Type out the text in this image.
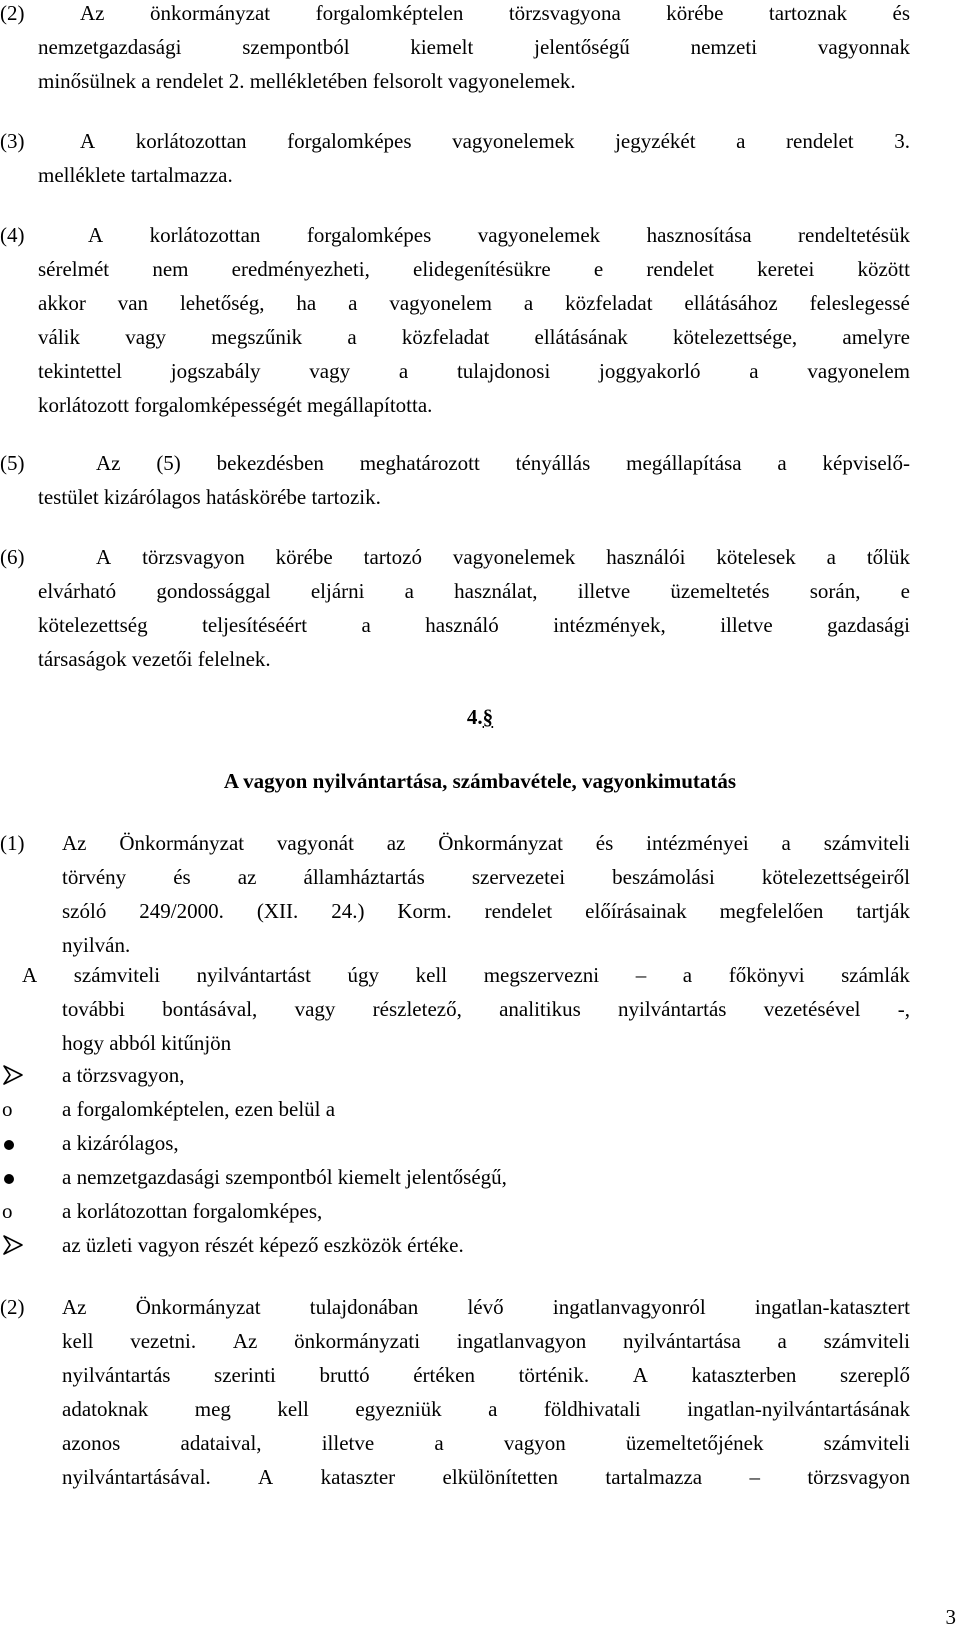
(2)	Az önkormányzat forgalomképtelen törzsvagyona körébe tartoznak és
nemzetgazdasági	szempontból	kiemelt	jelentőségű	nemzeti	vagyonnak
minősülnek a rendelet 2. mellékletében felsorolt vagyonelemek.
(3)	A korlátozottan forgalomképes vagyonelemek jegyzékét a rendelet 3.
melléklete tartalmazza.
(4)	A korlátozottan forgalomképes vagyonelemek hasznosítása rendeltetésük
sérelmét nem eredményezheti, elidegenítésükre e rendelet keretei között
akkor van lehetőség, ha a vagyonelem a közfeladat ellátásához feleslegessé
válik vagy megszűnik a közfeladat ellátásának kötelezettsége, amelyre
tekintettel jogszabály vagy a tulajdonosi joggyakorló a vagyonelem
korlátozott forgalomképességét megállapította.
(5)	Az (5) bekezdésben meghatározott tényállás megállapítása a képviselő-
testület kizárólagos hatáskörébe tartozik.
(6)	A törzsvagyon körébe tartozó vagyonelemek használói kötelesek a tőlük
elvárható gondossággal eljárni a használat, illetve üzemeltetés során, e
kötelezettség	teljesítéséért	a	használó	intézmények,	illetve	gazdasági
társaságok vezetői felelnek.
4.§
A vagyon nyilvántartása, számbavétele, vagyonkimutatás
(1) Az Önkormányzat vagyonát az Önkormányzat és intézményei a számviteli
törvény és az államháztartás szervezetei beszámolási kötelezettségeiről
szóló 249/2000. (XII. 24.) Korm. rendelet előírásainak megfelelően tartják
nyilván.
A számviteli nyilvántartást úgy kell megszervezni – a főkönyvi számlák
további bontásával, vagy részletező, analitikus nyilvántartás vezetésével -,
hogy abból kitűnjön
a törzsvagyon,
o	a forgalomképtelen, ezen belül a
a kizárólagos,
a nemzetgazdasági szempontból kiemelt jelentőségű,
o	a korlátozottan forgalomképes,
az üzleti vagyon részét képező eszközök értéke.
(2) Az Önkormányzat tulajdonában lévő ingatlanvagyonról ingatlan-katasztert
kell vezetni. Az önkormányzati ingatlanvagyon nyilvántartása a számviteli
nyilvántartás szerinti bruttó értéken történik. A kataszterben szereplő
adatoknak meg kell egyezniük a földhivatali ingatlan-nyilvántartásának
azonos	adataival,	illetve	a	vagyon	üzemeltetőjének	számviteli
nyilvántartásával. A kataszter elkülönítetten tartalmazza – törzsvagyon
3
